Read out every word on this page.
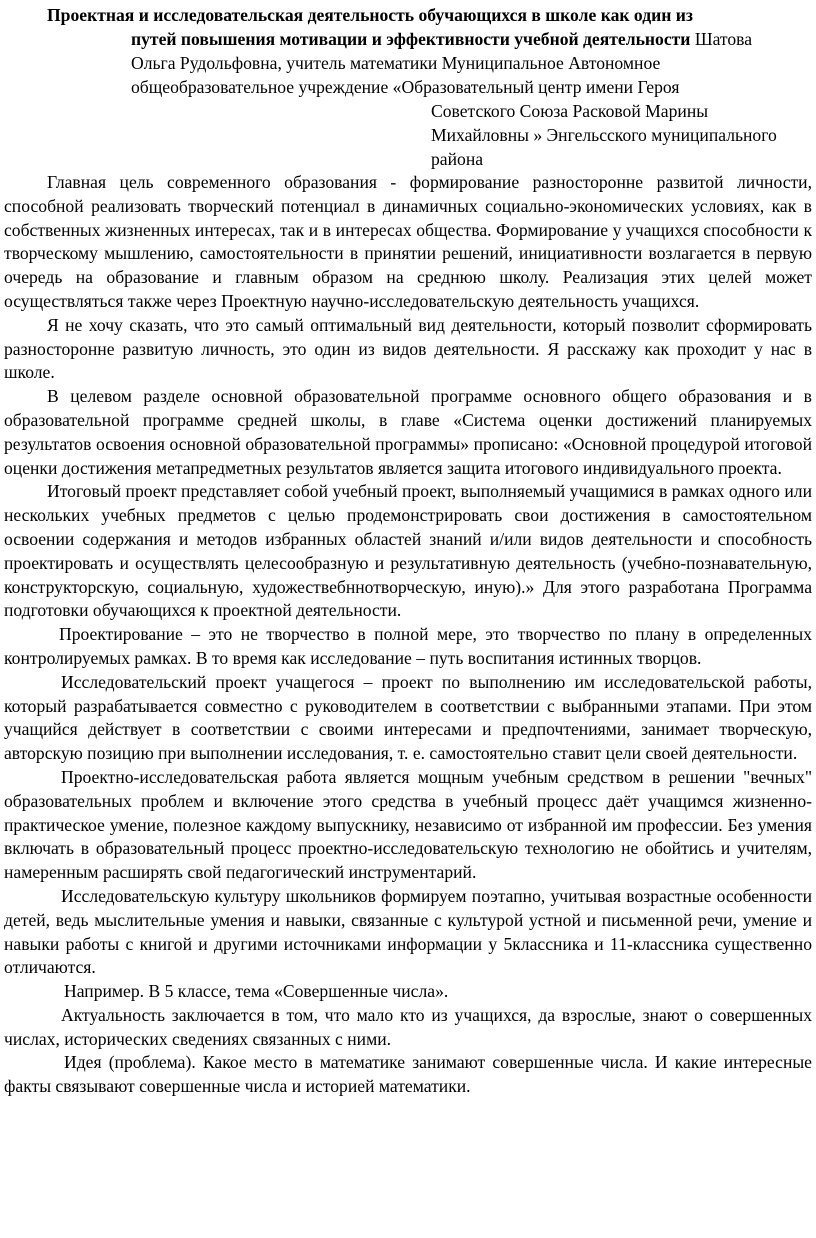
Проектная и исследовательская деятельность обучающихся в школе как один из
путей повышения мотивации и эффективности учебной деятельности Шатова
Ольга Рудольфовна, учитель математики Муниципальное Автономное
общеобразовательное учреждение «Образовательный центр имени Героя
Советского Союза Расковой Марины
Михайловны » Энгельсского муниципального
района

Главная цель современного образования - формирование разносторонне развитой личности, способной реализовать творческий потенциал в динамичных социально-экономических условиях, как в собственных жизненных интересах, так и в интересах общества. Формирование у учащихся способности к творческому мышлению, самостоятельности в принятии решений, инициативности возлагается в первую очередь на образование и главным образом на среднюю школу. Реализация этих целей может осуществляться также через Проектную научно-исследовательскую деятельность учащихся.

Я не хочу сказать, что это самый оптимальный вид деятельности, который позволит сформировать разносторонне развитую личность, это один из видов деятельности. Я расскажу как проходит у нас в школе.

В целевом разделе основной образовательной программе основного общего образования и в образовательной программе средней школы, в главе «Система оценки достижений планируемых результатов освоения основной образовательной программы» прописано: «Основной процедурой итоговой оценки достижения метапредметных результатов является защита итогового индивидуального проекта.

Итоговый проект представляет собой учебный проект, выполняемый учащимися в рамках одного или нескольких учебных предметов с целью продемонстрировать свои достижения в самостоятельном освоении содержания и методов избранных областей знаний и/или видов деятельности и способность проектировать и осуществлять целесообразную и результативную деятельность (учебно-познавательную, конструкторскую, социальную, художествебннотворческую, иную).» Для этого разработана Программа подготовки обучающихся к проектной деятельности.

Проектирование – это не творчество в полной мере, это творчество по плану в определенных контролируемых рамках. В то время как исследование – путь воспитания истинных творцов.

Исследовательский проект учащегося – проект по выполнению им исследовательской работы, который разрабатывается совместно с руководителем в соответствии с выбранными этапами. При этом учащийся действует в соответствии с своими интересами и предпочтениями, занимает творческую, авторскую позицию при выполнении исследования, т. е. самостоятельно ставит цели своей деятельности.

Проектно-исследовательская работа является мощным учебным средством в решении "вечных" образовательных проблем и включение этого средства в учебный процесс даёт учащимся жизненно-практическое умение, полезное каждому выпускнику, независимо от избранной им профессии. Без умения включать в образовательный процесс проектно-исследовательскую технологию не обойтись и учителям, намеренным расширять свой педагогический инструментарий.

Исследовательскую культуру школьников формируем поэтапно, учитывая возрастные особенности детей, ведь мыслительные умения и навыки, связанные с культурой устной и письменной речи, умение и навыки работы с книгой и другими источниками информации у 5классника и 11-классника существенно отличаются.

Например. В 5 классе, тема «Совершенные числа».

Актуальность заключается в том, что мало кто из учащихся, да взрослые, знают о совершенных числах, исторических сведениях связанных с ними.

Идея (проблема). Какое место в математике занимают совершенные числа. И какие интересные факты связывают совершенные числа и историей математики.
